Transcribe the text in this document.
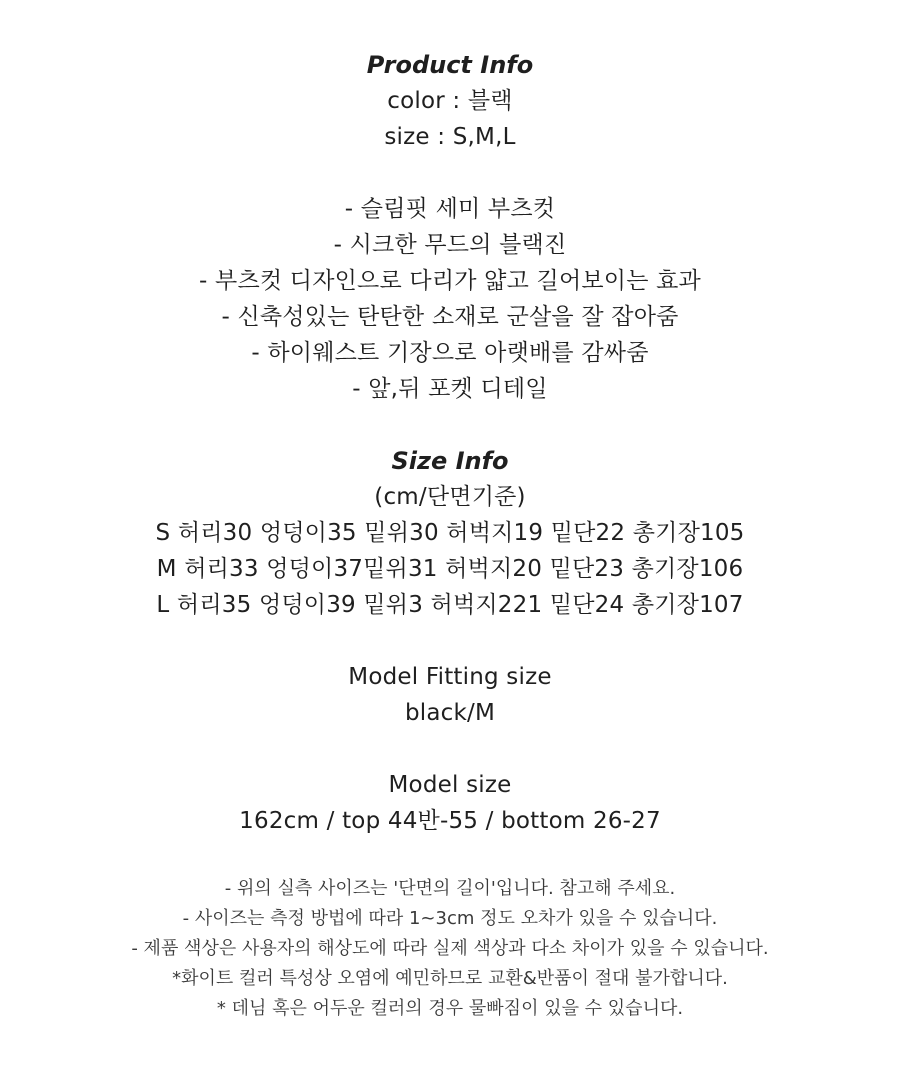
Product Info
color : 블랙
size : S,M,L
- 슬림핏 세미 부츠컷
- 시크한 무드의 블랙진
- 부츠컷 디자인으로 다리가 얇고 길어보이는 효과
- 신축성있는 탄탄한 소재로 군살을 잘 잡아줌
- 하이웨스트 기장으로 아랫배를 감싸줌
- 앞,뒤 포켓 디테일
Size Info
(cm/단면기준)
S 허리30 엉덩이35 밑위30 허벅지19 밑단22 총기장105
M 허리33 엉덩이37밑위31 허벅지20 밑단23 총기장106
L 허리35 엉덩이39 밑위3 허벅지221 밑단24 총기장107
Model Fitting size
black/M
Model size
162cm / top 44반-55 / bottom 26-27
- 위의 실측 사이즈는 '단면의 길이'입니다. 참고해 주세요.
- 사이즈는 측정 방법에 따라 1~3cm 정도 오차가 있을 수 있습니다.
- 제품 색상은 사용자의 해상도에 따라 실제 색상과 다소 차이가 있을 수 있습니다.
*화이트 컬러 특성상 오염에 예민하므로 교환&반품이 절대 불가합니다.
* 데님 혹은 어두운 컬러의 경우 물빠짐이 있을 수 있습니다.
